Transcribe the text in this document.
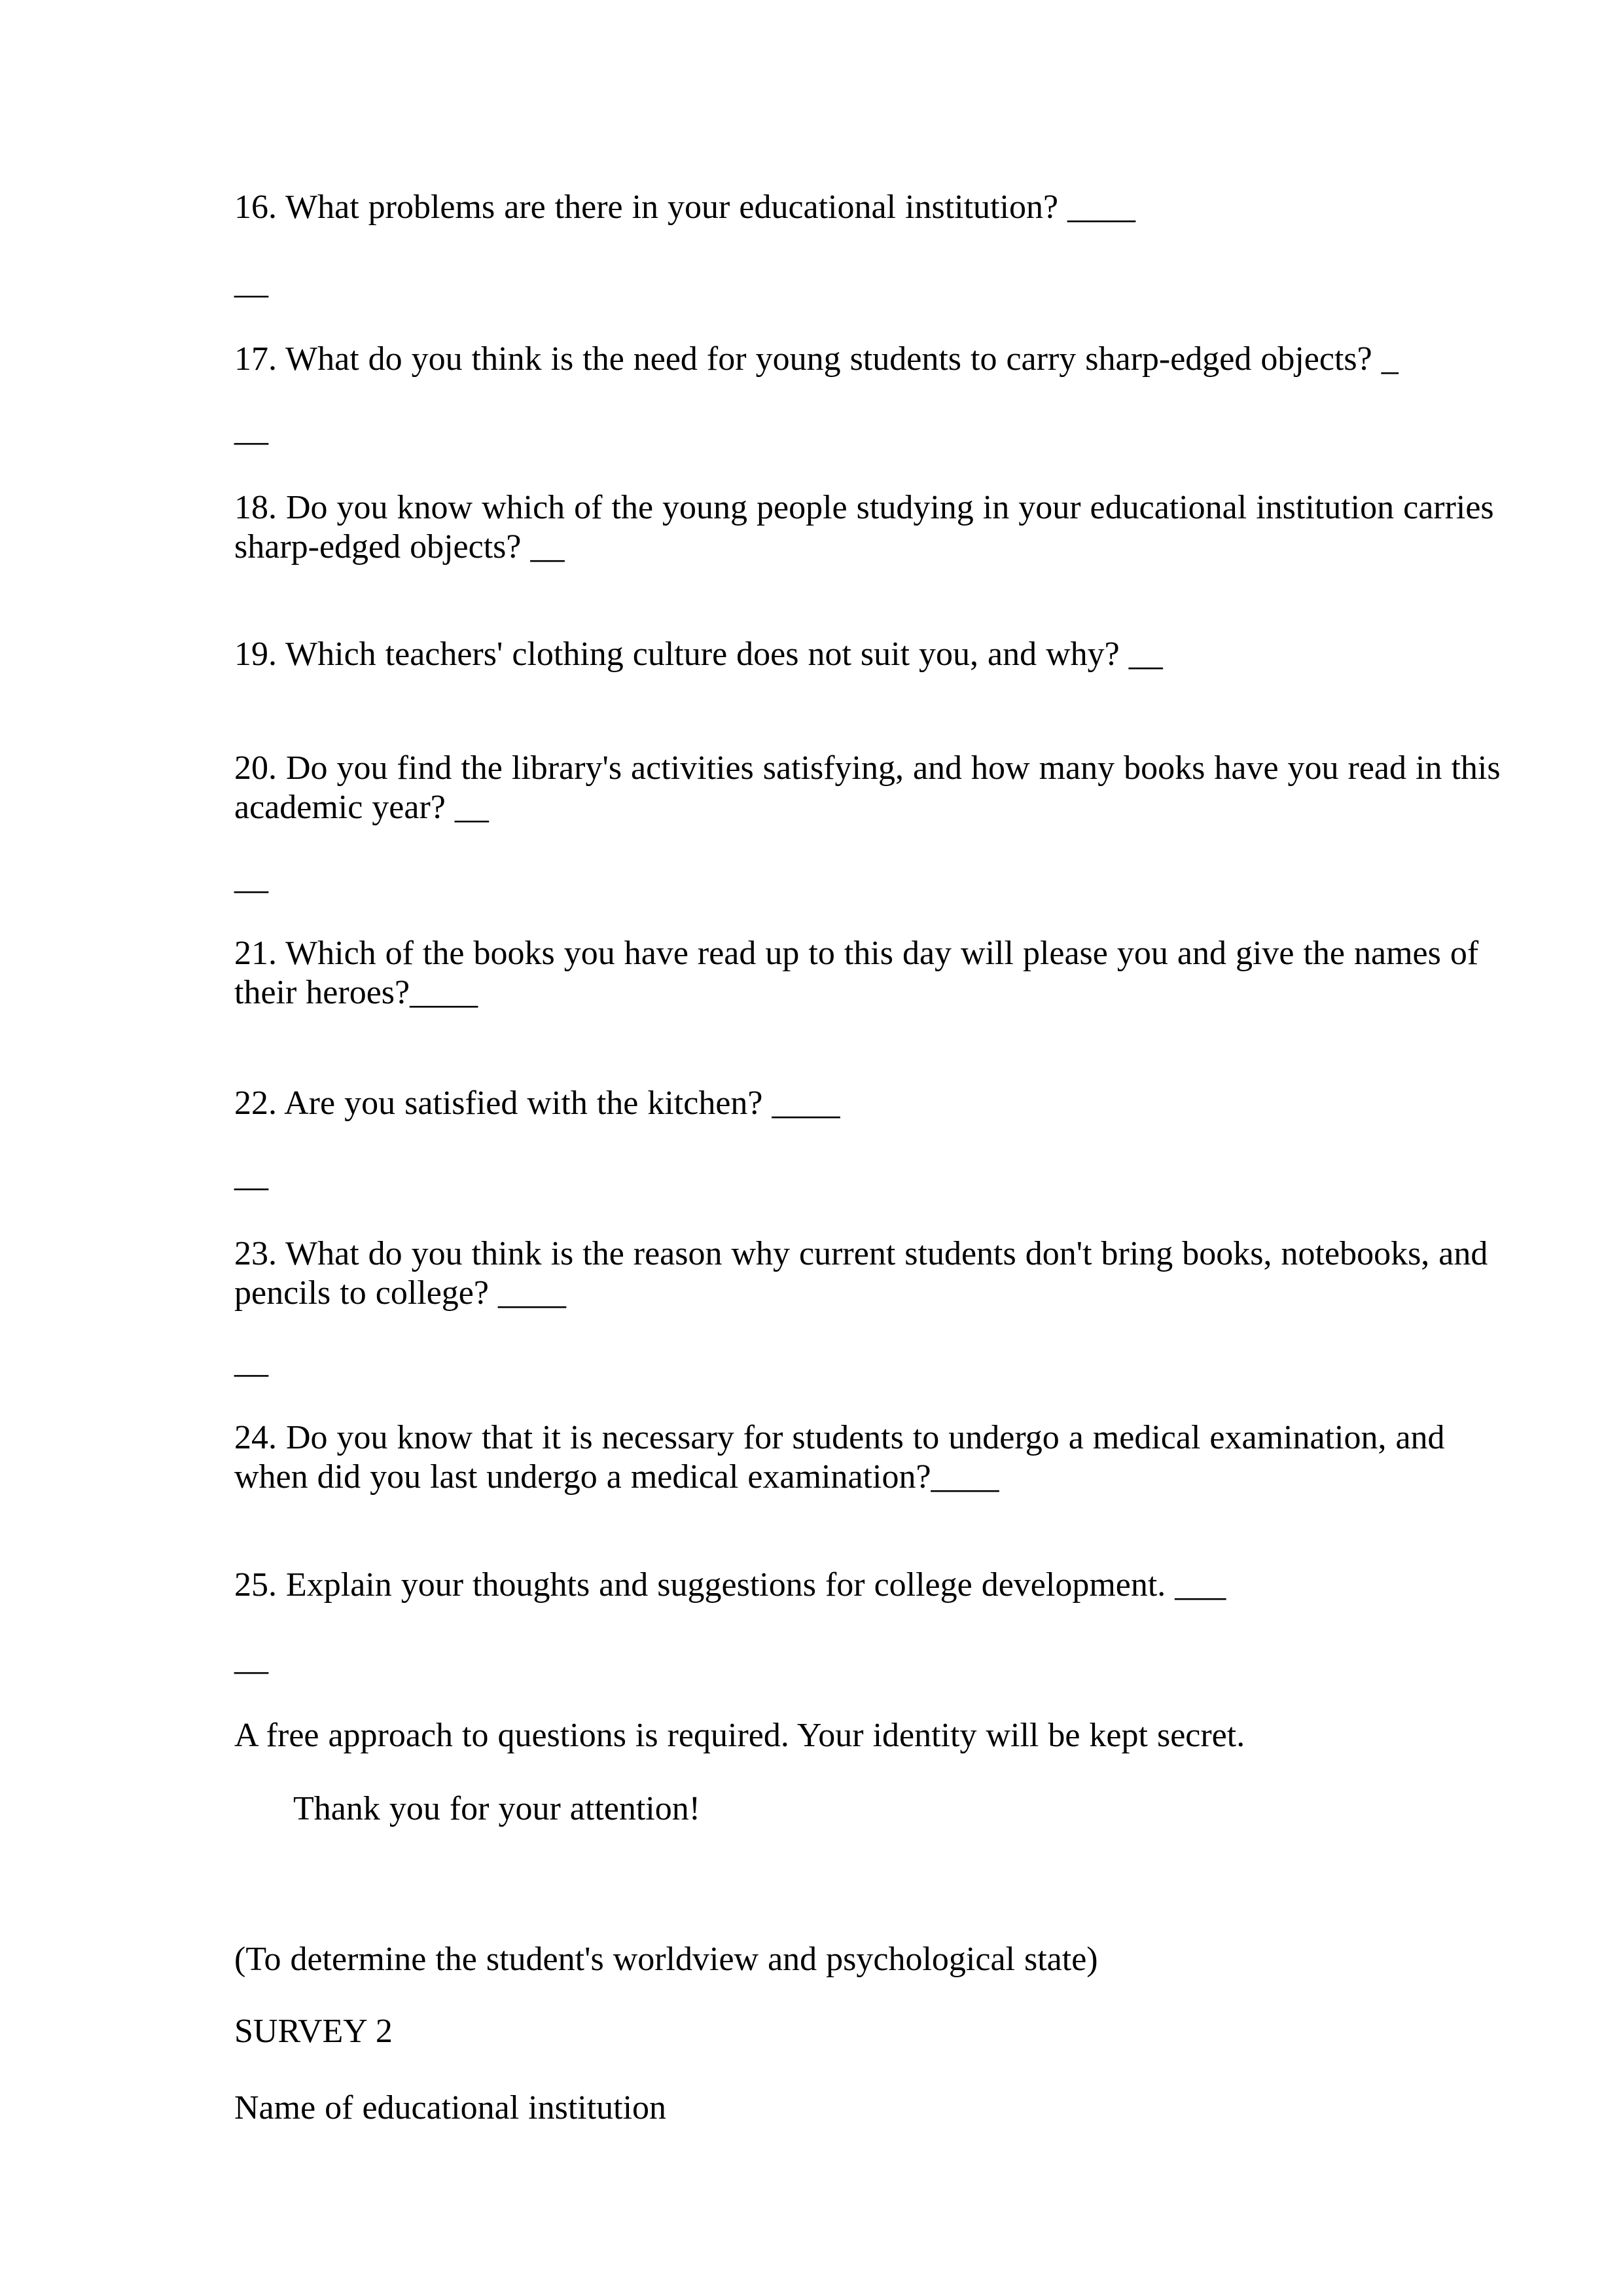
16. What problems are there in your educational institution? ____
__
17. What do you think is the need for young students to carry sharp-edged objects? _
__
18. Do you know which of the young people studying in your educational institution carries sharp-edged objects? __
19. Which teachers' clothing culture does not suit you, and why? __
20. Do you find the library's activities satisfying, and how many books have you read in this academic year? __
__
21. Which of the books you have read up to this day will please you and give the names of their heroes?____
22. Are you satisfied with the kitchen? ____
__
23. What do you think is the reason why current students don't bring books, notebooks, and pencils to college? ____
__
24. Do you know that it is necessary for students to undergo a medical examination, and when did you last undergo a medical examination?____
25. Explain your thoughts and suggestions for college development. ___
__
A free approach to questions is required. Your identity will be kept secret.
Thank you for your attention!
(To determine the student's worldview and psychological state)
SURVEY 2
Name of educational institution
